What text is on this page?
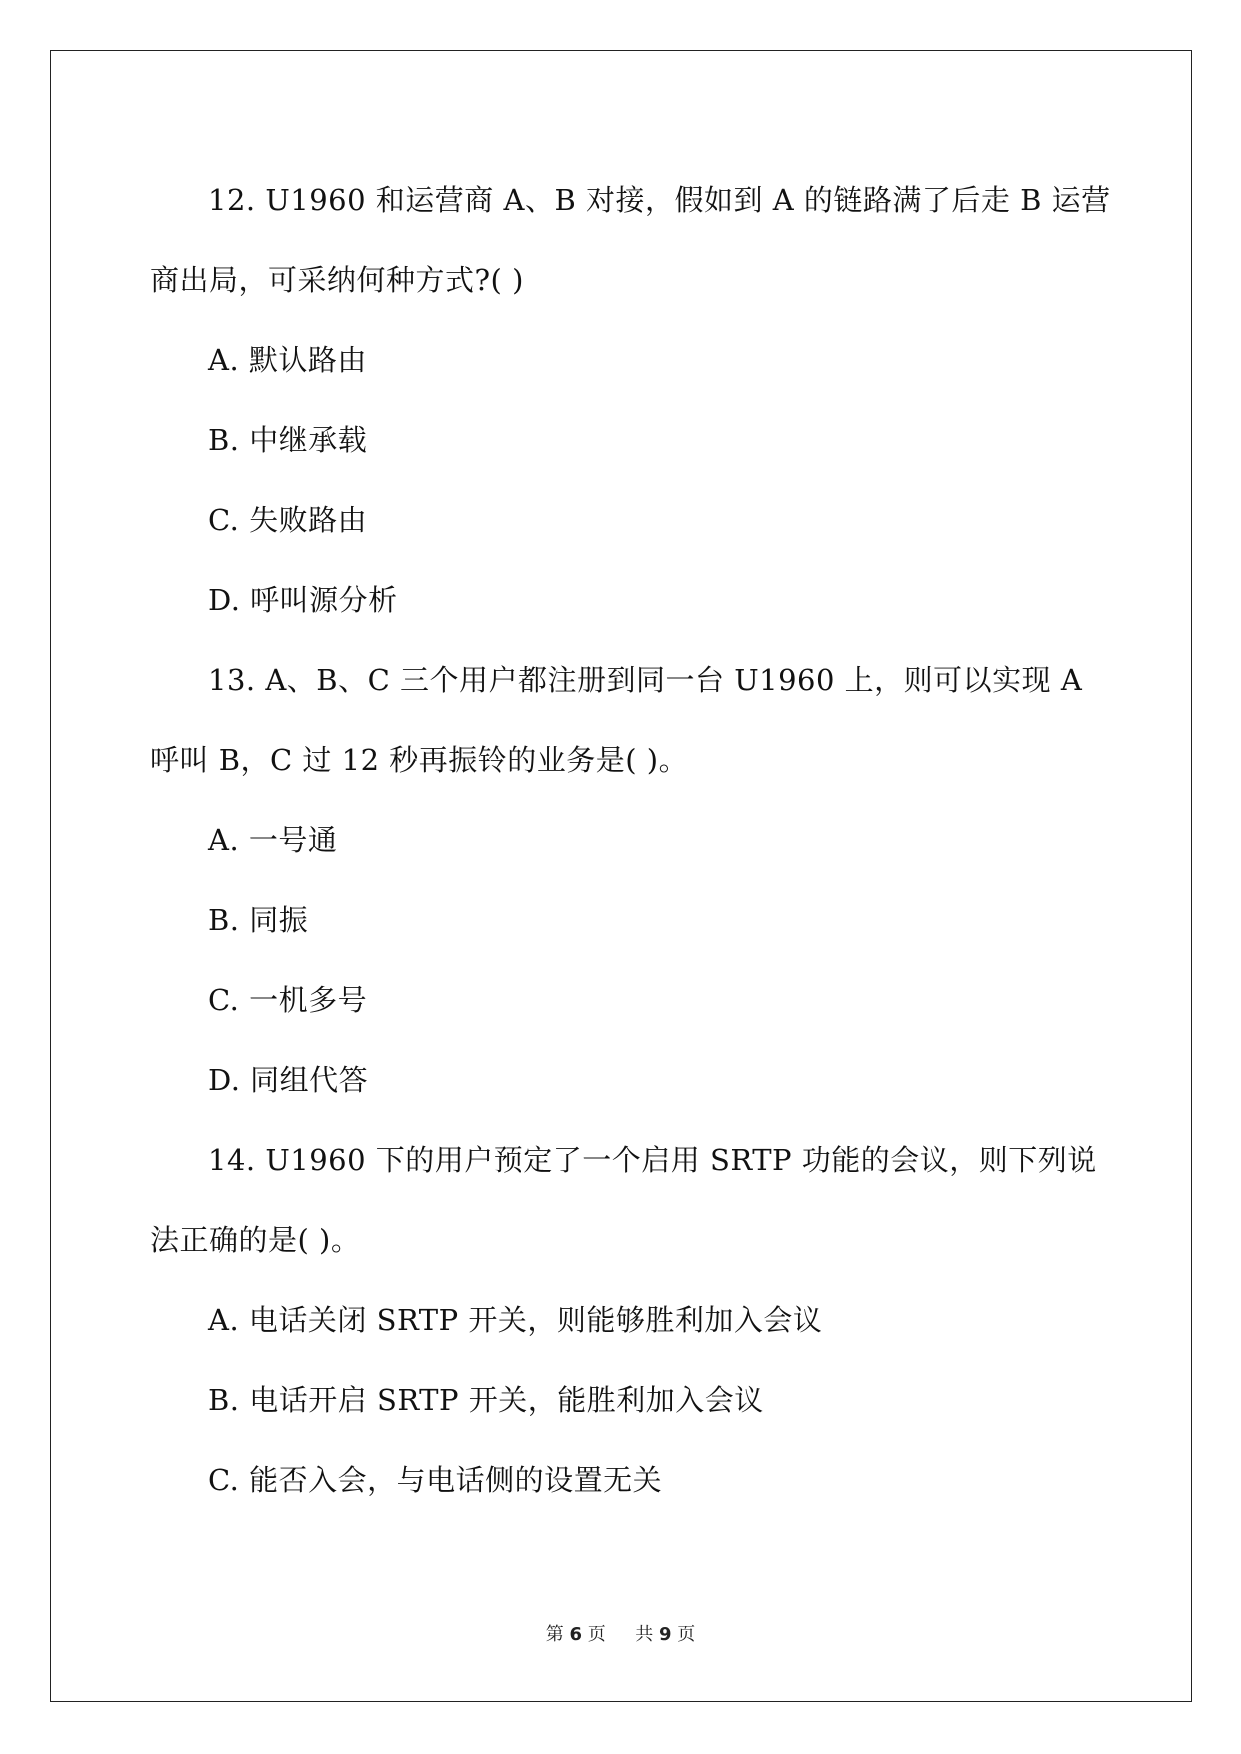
12. U1960 和运营商 A、B 对接，假如到 A 的链路满了后走 B 运营
商出局，可采纳何种方式?( )
A. 默认路由
B. 中继承载
C. 失败路由
D. 呼叫源分析
13. A、B、C 三个用户都注册到同一台 U1960 上，则可以实现 A
呼叫 B，C 过 12 秒再振铃的业务是( )。
A. 一号通
B. 同振
C. 一机多号
D. 同组代答
14. U1960 下的用户预定了一个启用 SRTP 功能的会议，则下列说
法正确的是( )。
A. 电话关闭 SRTP 开关，则能够胜利加入会议
B. 电话开启 SRTP 开关，能胜利加入会议
C. 能否入会，与电话侧的设置无关
第 6 页 共 9 页
